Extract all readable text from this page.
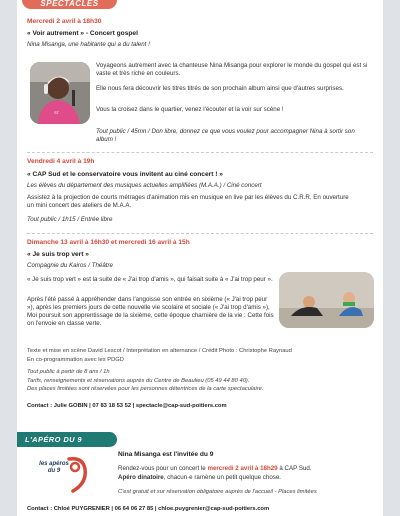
SPECTACLES
Mercredi 2 avril à 18h30
« Voir autrement » - Concert gospel
Nina Misanga, une habitante qui a du talent !
ST
Voyageons autrement avec la chanteuse Nina Misanga pour explorer le monde du gospel qui est si vaste et très riche en couleurs.
Elle nous fera découvrir les titres titrés de son prochain album ainsi que d'autres surprises.
Vous la croisez dans le quartier, venez l'écouter et la voir sur scène !
Tout public / 45mn / Don libre, donnez ce que vous voulez pour accompagner Nina à sortir son album !
Vendredi 4 avril à 19h
« CAP Sud et le conservatoire vous invitent au ciné concert ! »
Les élèves du département des musiques actuelles amplifiées (M.A.A.) / Ciné concert
Assistez à la projection de courts métrages d'animation mis en musique en live par les élèves du C.R.R. En ouverture un mini concert des ateliers de M.A.A.
Tout public / 1h15 / Entrée libre
Dimanche 13 avril à 16h30 et mercredi 16 avril à 15h
« Je suis trop vert »
Compagnie du Kairos / Théâtre
« Je suis trop vert » est la suite de « J'ai trop d'amis », qui faisait suite à « J'ai trop peur ».
Après l'été passé à appréhender dans l'angoisse son entrée en sixième (« J'ai trop peur »), après les premiers jours de cette nouvelle vie scolaire et sociale (« J'ai trop d'amis »), Moi poursuit son apprentissage de la sixième, cette époque charnière de la vie : Cette fois on l'envoie en classe verte.
Texte et mise en scène David Lescot / Interprétation en alternance / Crédit Photo : Christophe Raynaud
En co-programmation avec les PDGD
Tout public à partir de 8 ans / 1h
Tarifs, renseignements et réservations auprès du Centre de Beaulieu (05 49 44 80 40).
Des places limitées sont réservées pour les personnes détentrices de la carte spectaculaire.
Contact : Julie GOBIN | 07 83 18 53 52 | spectacle@cap-sud-poitiers.com
L'APÉRO DU 9
les apéros du 9
Nina Misanga est l'invitée du 9
Rendez-vous pour un concert le mercredi 2 avril à 18h29 à CAP Sud.
Apéro dinatoire, chacun·e ramène un petit quelque chose.
C'est gratuit et sur réservation obligatoire auprès de l'accueil - Places limitées
Contact : Chloé PUYGRENIER | 06 64 06 27 85 | chloe.puygrenier@cap-sud-poitiers.com
